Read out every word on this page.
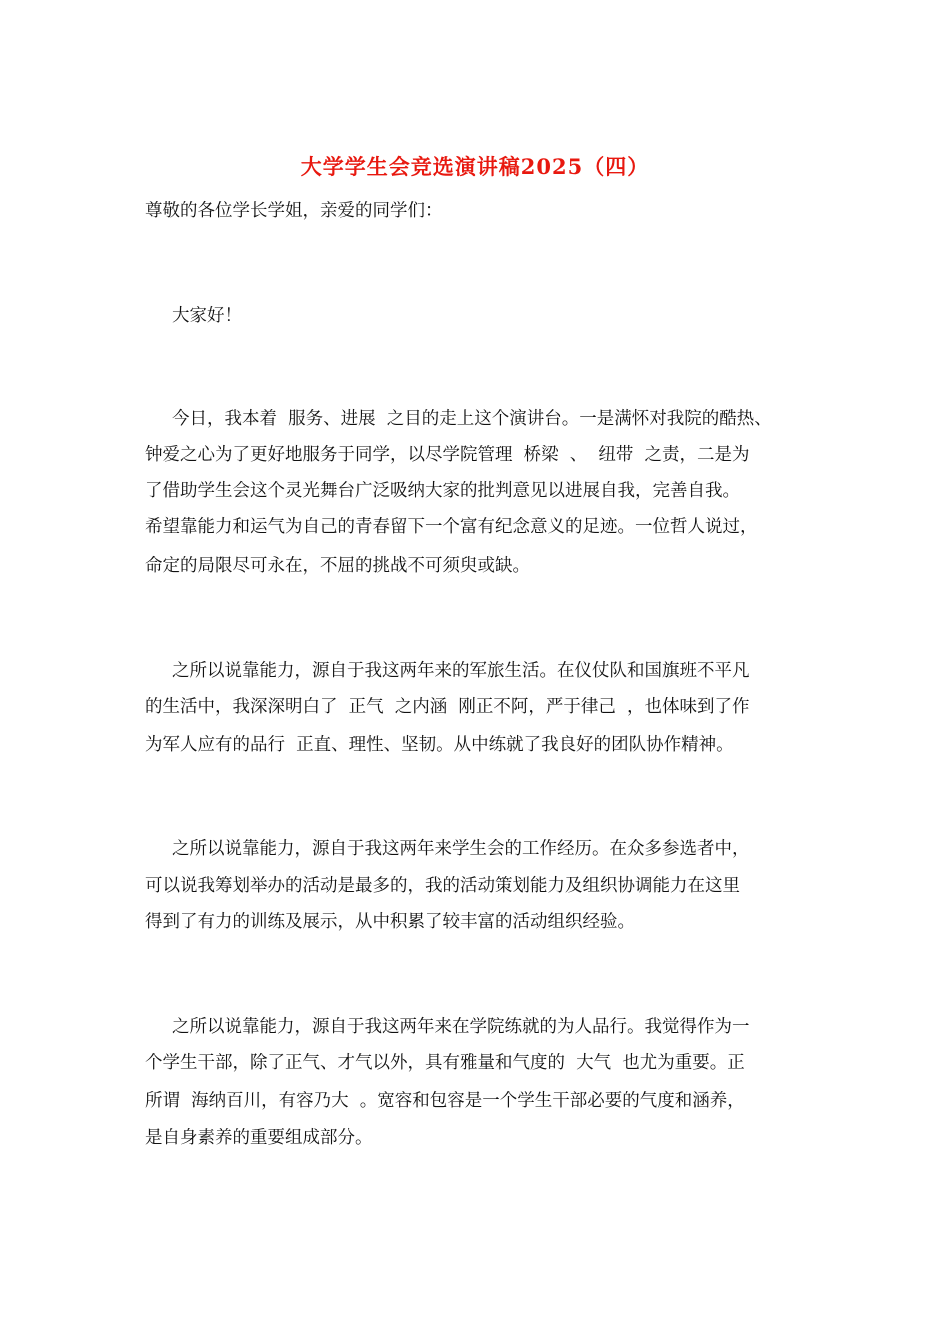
大学学生会竞选演讲稿2025（四）
尊敬的各位学长学姐，亲爱的同学们：
大家好！
今日，我本着  服务、进展  之目的走上这个演讲台。一是满怀对我院的酷热、
钟爱之心为了更好地服务于同学，以尽学院管理  桥梁  、  纽带  之责，二是为
了借助学生会这个灵光舞台广泛吸纳大家的批判意见以进展自我，完善自我。
希望靠能力和运气为自己的青春留下一个富有纪念意义的足迹。一位哲人说过，
命定的局限尽可永在，不屈的挑战不可须臾或缺。
之所以说靠能力，源自于我这两年来的军旅生活。在仪仗队和国旗班不平凡
的生活中，我深深明白了  正气  之内涵  刚正不阿，严于律己  ，也体味到了作
为军人应有的品行  正直、理性、坚韧。从中练就了我良好的团队协作精神。
之所以说靠能力，源自于我这两年来学生会的工作经历。在众多参选者中，
可以说我筹划举办的活动是最多的，我的活动策划能力及组织协调能力在这里
得到了有力的训练及展示，从中积累了较丰富的活动组织经验。
之所以说靠能力，源自于我这两年来在学院练就的为人品行。我觉得作为一
个学生干部，除了正气、才气以外，具有雅量和气度的  大气  也尤为重要。正
所谓  海纳百川，有容乃大  。宽容和包容是一个学生干部必要的气度和涵养，
是自身素养的重要组成部分。
